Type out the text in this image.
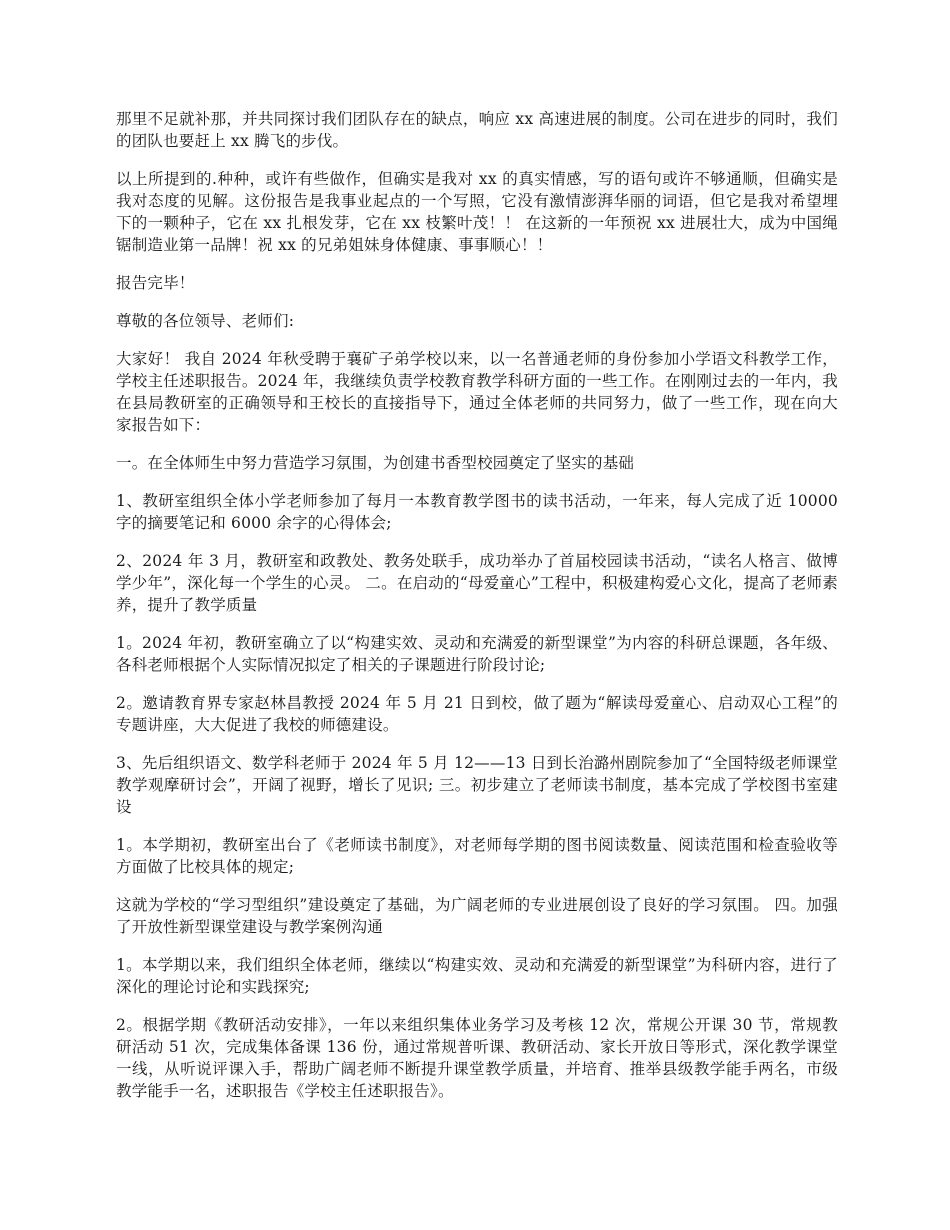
那里不足就补那，并共同探讨我们团队存在的缺点，响应 xx 高速进展的制度。公司在进步的同时，我们的团队也要赶上 xx 腾飞的步伐。

以上所提到的.种种，或许有些做作，但确实是我对 xx 的真实情感，写的语句或许不够通顺，但确实是我对态度的见解。这份报告是我事业起点的一个写照，它没有激情澎湃华丽的词语，但它是我对希望埋下的一颗种子，它在 xx 扎根发芽，它在 xx 枝繁叶茂！！ 在这新的一年预祝 xx 进展壮大，成为中国绳锯制造业第一品牌！祝 xx 的兄弟姐妹身体健康、事事顺心！！

报告完毕！

尊敬的各位领导、老师们:

大家好！ 我自 2024 年秋受聘于襄矿子弟学校以来，以一名普通老师的身份参加小学语文科教学工作，学校主任述职报告。2024 年，我继续负责学校教育教学科研方面的一些工作。在刚刚过去的一年内，我在县局教研室的正确领导和王校长的直接指导下，通过全体老师的共同努力，做了一些工作，现在向大家报告如下：

一。在全体师生中努力营造学习氛围，为创建书香型校园奠定了坚实的基础

1、教研室组织全体小学老师参加了每月一本教育教学图书的读书活动，一年来，每人完成了近 10000 字的摘要笔记和 6000 余字的心得体会;

2、2024 年 3 月，教研室和政教处、教务处联手，成功举办了首届校园读书活动，“读名人格言、做博学少年”，深化每一个学生的心灵。 二。在启动的“母爱童心”工程中，积极建构爱心文化，提高了老师素养，提升了教学质量

1。2024 年初，教研室确立了以“构建实效、灵动和充满爱的新型课堂”为内容的科研总课题，各年级、各科老师根据个人实际情况拟定了相关的子课题进行阶段讨论;

2。邀请教育界专家赵林昌教授 2024 年 5 月 21 日到校，做了题为“解读母爱童心、启动双心工程”的专题讲座，大大促进了我校的师德建设。

3、先后组织语文、数学科老师于 2024 年 5 月 12——13 日到长治潞州剧院参加了“全国特级老师课堂教学观摩研讨会”，开阔了视野，增长了见识; 三。初步建立了老师读书制度，基本完成了学校图书室建设

1。本学期初，教研室出台了《老师读书制度》，对老师每学期的图书阅读数量、阅读范围和检查验收等方面做了比校具体的规定;

这就为学校的“学习型组织”建设奠定了基础，为广阔老师的专业进展创设了良好的学习氛围。 四。加强了开放性新型课堂建设与教学案例沟通

1。本学期以来，我们组织全体老师，继续以“构建实效、灵动和充满爱的新型课堂”为科研内容，进行了深化的理论讨论和实践探究;

2。根据学期《教研活动安排》，一年以来组织集体业务学习及考核 12 次，常规公开课 30 节，常规教研活动 51 次，完成集体备课 136 份，通过常规普听课、教研活动、家长开放日等形式，深化教学课堂一线，从听说评课入手，帮助广阔老师不断提升课堂教学质量，并培育、推举县级教学能手两名，市级教学能手一名，述职报告《学校主任述职报告》。
